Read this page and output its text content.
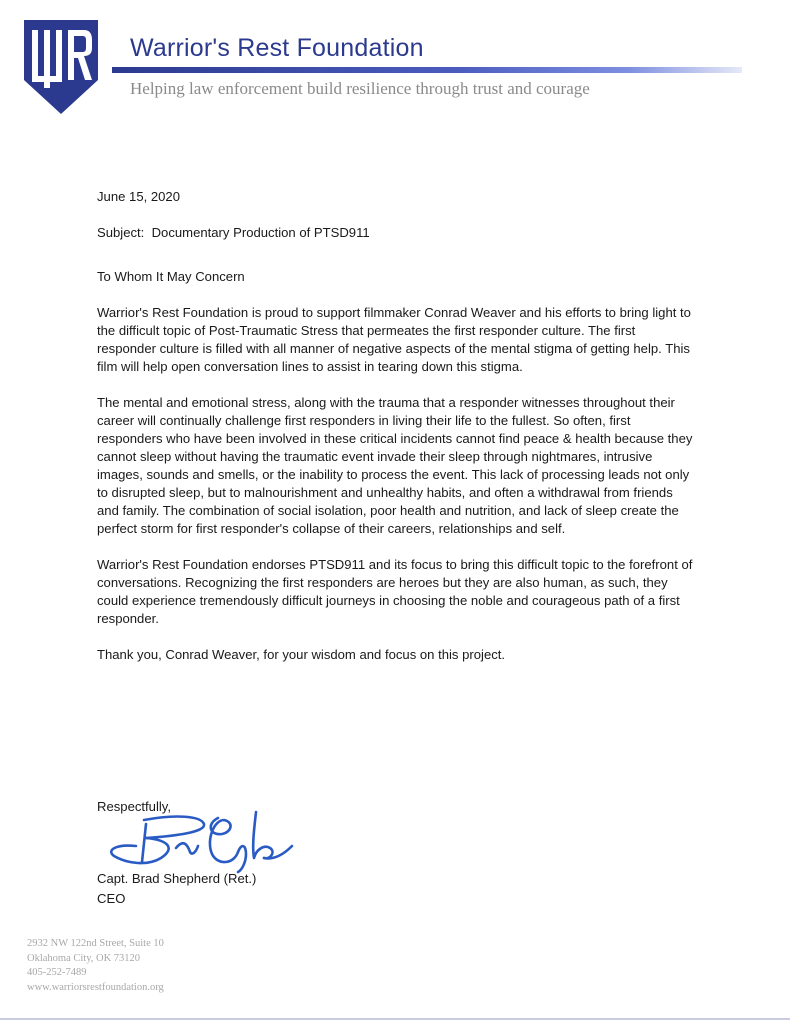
Warrior's Rest Foundation
Helping law enforcement build resilience through trust and courage

June 15, 2020

Subject: Documentary Production of PTSD911

To Whom It May Concern

Warrior's Rest Foundation is proud to support filmmaker Conrad Weaver and his efforts to bring light to the difficult topic of Post-Traumatic Stress that permeates the first responder culture. The first responder culture is filled with all manner of negative aspects of the mental stigma of getting help. This film will help open conversation lines to assist in tearing down this stigma.

The mental and emotional stress, along with the trauma that a responder witnesses throughout their career will continually challenge first responders in living their life to the fullest. So often, first responders who have been involved in these critical incidents cannot find peace & health because they cannot sleep without having the traumatic event invade their sleep through nightmares, intrusive images, sounds and smells, or the inability to process the event. This lack of processing leads not only to disrupted sleep, but to malnourishment and unhealthy habits, and often a withdrawal from friends and family. The combination of social isolation, poor health and nutrition, and lack of sleep create the perfect storm for first responder's collapse of their careers, relationships and self.

Warrior's Rest Foundation endorses PTSD911 and its focus to bring this difficult topic to the forefront of conversations. Recognizing the first responders are heroes but they are also human, as such, they could experience tremendously difficult journeys in choosing the noble and courageous path of a first responder.

Thank you, Conrad Weaver, for your wisdom and focus on this project.

Respectfully,
Capt. Brad Shepherd (Ret.)
CEO
2932 NW 122nd Street, Suite 10
Oklahoma City, OK 73120
405-252-7489
www.warriorsrestfoundation.org
